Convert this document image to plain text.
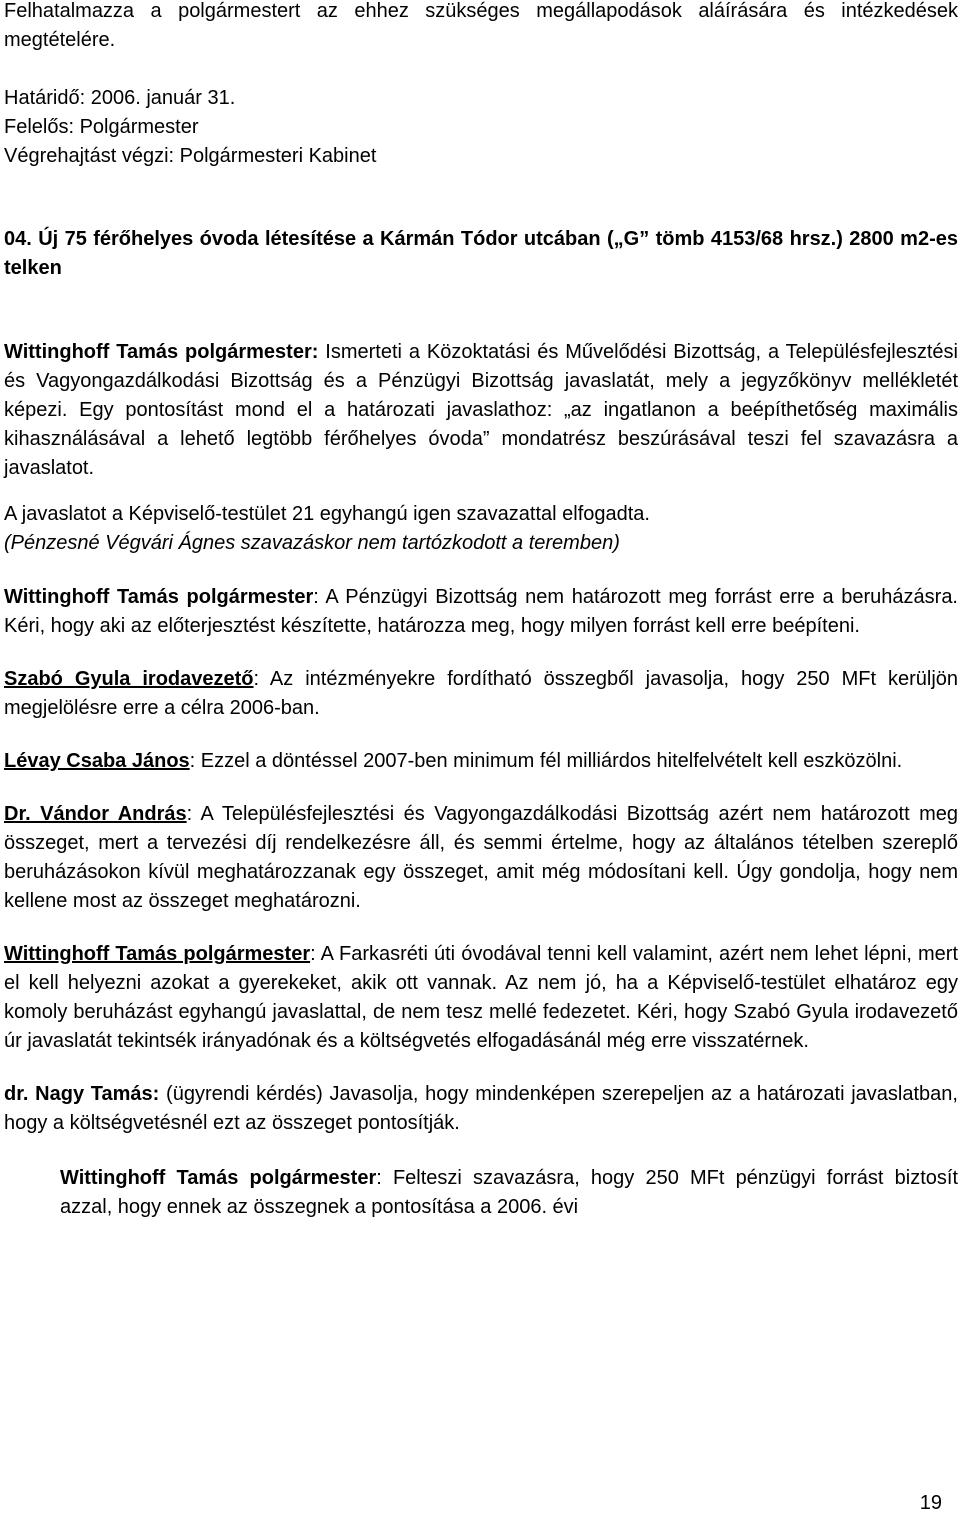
Felhatalmazza a polgármestert az ehhez szükséges megállapodások aláírására és intézkedések megtételére.

Határidő: 2006. január 31.

Felelős: Polgármester

Végrehajtást végzi: Polgármesteri Kabinet

04. Új 75 férőhelyes óvoda létesítése a Kármán Tódor utcában („G” tömb 4153/68 hrsz.) 2800 m2-es telken

Wittinghoff Tamás polgármester: Ismerteti a Közoktatási és Művelődési Bizottság, a Településfejlesztési és Vagyongazdálkodási Bizottság és a Pénzügyi Bizottság javaslatát, mely a jegyzőkönyv mellékletét képezi. Egy pontosítást mond el a határozati javaslathoz: „az ingatlanon a beépíthetőség maximális kihasználásával a lehető legtöbb férőhelyes óvoda” mondatrész beszúrásával teszi fel szavazásra a javaslatot.

A javaslatot a Képviselő-testület 21 egyhangú igen szavazattal elfogadta.

(Pénzesné Végvári Ágnes szavazáskor nem tartózkodott a teremben)

Wittinghoff Tamás polgármester: A Pénzügyi Bizottság nem határozott meg forrást erre a beruházásra. Kéri, hogy aki az előterjesztést készítette, határozza meg, hogy milyen forrást kell erre beépíteni.

Szabó Gyula irodavezető: Az intézményekre fordítható összegből javasolja, hogy 250 MFt kerüljön megjelölésre erre a célra 2006-ban.

Lévay Csaba János: Ezzel a döntéssel 2007-ben minimum fél milliárdos hitelfelvételt kell eszközölni.

Dr. Vándor András: A Településfejlesztési és Vagyongazdálkodási Bizottság azért nem határozott meg összeget, mert a tervezési díj rendelkezésre áll, és semmi értelme, hogy az általános tételben szereplő beruházásokon kívül meghatározzanak egy összeget, amit még módosítani kell. Úgy gondolja, hogy nem kellene most az összeget meghatározni.

Wittinghoff Tamás polgármester: A Farkasréti úti óvodával tenni kell valamint, azért nem lehet lépni, mert el kell helyezni azokat a gyerekeket, akik ott vannak. Az nem jó, ha a Képviselő-testület elhatároz egy komoly beruházást egyhangú javaslattal, de nem tesz mellé fedezetet. Kéri, hogy Szabó Gyula irodavezető úr javaslatát tekintsék irányadónak és a költségvetés elfogadásánál még erre visszatérnek.

dr. Nagy Tamás: (ügyrendi kérdés) Javasolja, hogy mindenképen szerepeljen az a határozati javaslatban, hogy a költségvetésnél ezt az összeget pontosítják.

Wittinghoff Tamás polgármester: Felteszi szavazásra, hogy 250 MFt pénzügyi forrást biztosít azzal, hogy ennek az összegnek a pontosítása a 2006. évi

19
